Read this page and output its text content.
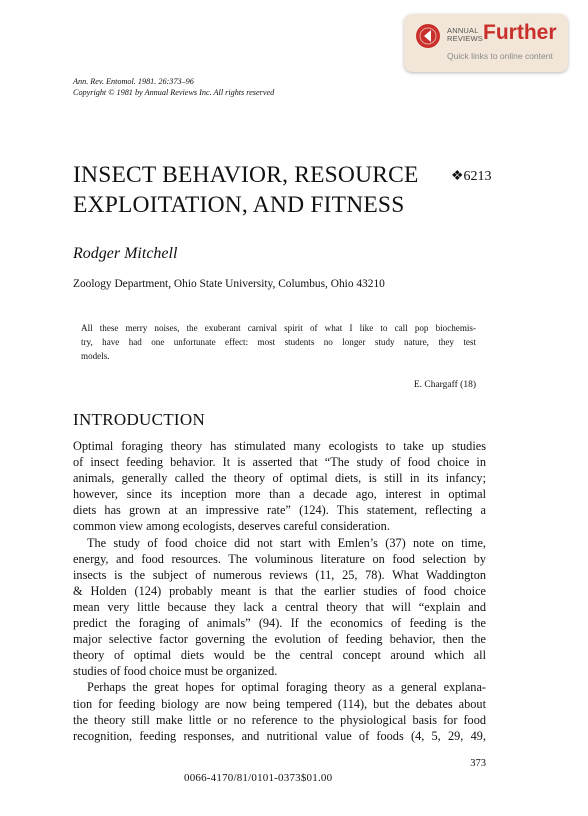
ANNUAL
REVIEWS Further
Quick links to online content
Ann. Rev. Entomol. 1981. 26:373–96
Copyright © 1981 by Annual Reviews Inc. All rights reserved
INSECT BEHAVIOR, RESOURCE
EXPLOITATION, AND FITNESS
❖6213
Rodger Mitchell
Zoology Department, Ohio State University, Columbus, Ohio 43210
All these merry noises, the exuberant carnival spirit of what I like to call pop biochemis-
try, have had one unfortunate effect: most students no longer study nature, they test
models.
E. Chargaff (18)
INTRODUCTION
Optimal foraging theory has stimulated many ecologists to take up studies
of insect feeding behavior. It is asserted that “The study of food choice in
animals, generally called the theory of optimal diets, is still in its infancy;
however, since its inception more than a decade ago, interest in optimal
diets has grown at an impressive rate” (124). This statement, reflecting a
common view among ecologists, deserves careful consideration.
The study of food choice did not start with Emlen’s (37) note on time,
energy, and food resources. The voluminous literature on food selection by
insects is the subject of numerous reviews (11, 25, 78). What Waddington
& Holden (124) probably meant is that the earlier studies of food choice
mean very little because they lack a central theory that will “explain and
predict the foraging of animals” (94). If the economics of feeding is the
major selective factor governing the evolution of feeding behavior, then the
theory of optimal diets would be the central concept around which all
studies of food choice must be organized.
Perhaps the great hopes for optimal foraging theory as a general explana-
tion for feeding biology are now being tempered (114), but the debates about
the theory still make little or no reference to the physiological basis for food
recognition, feeding responses, and nutritional value of foods (4, 5, 29, 49,
373
0066-4170/81/0101-0373$01.00
